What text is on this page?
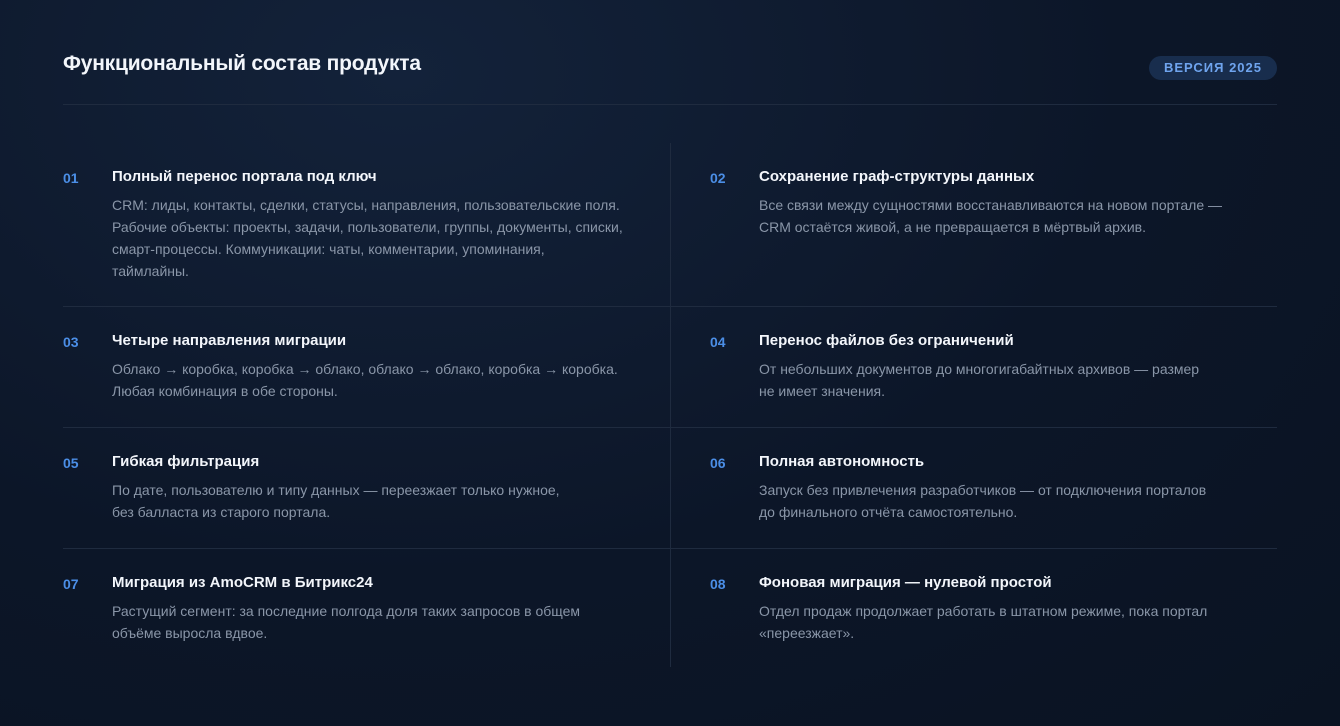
Функциональный состав продукта	ВЕРСИЯ 2025
01 Полный перенос портала под ключ
CRM: лиды, контакты, сделки, статусы, направления, пользовательские поля.
Рабочие объекты: проекты, задачи, пользователи, группы, документы, списки,
смарт-процессы. Коммуникации: чаты, комментарии, упоминания,
таймлайны.
02 Сохранение граф-структуры данных
Все связи между сущностями восстанавливаются на новом портале —
CRM остаётся живой, а не превращается в мёртвый архив.
03 Четыре направления миграции
Облако → коробка, коробка → облако, облако → облако, коробка → коробка.
Любая комбинация в обе стороны.
04 Перенос файлов без ограничений
От небольших документов до многогигабайтных архивов — размер
не имеет значения.
05 Гибкая фильтрация
По дате, пользователю и типу данных — переезжает только нужное,
без балласта из старого портала.
06 Полная автономность
Запуск без привлечения разработчиков — от подключения порталов
до финального отчёта самостоятельно.
07 Миграция из AmoCRM в Битрикс24
Растущий сегмент: за последние полгода доля таких запросов в общем
объёме выросла вдвое.
08 Фоновая миграция — нулевой простой
Отдел продаж продолжает работать в штатном режиме, пока портал
«переезжает».
